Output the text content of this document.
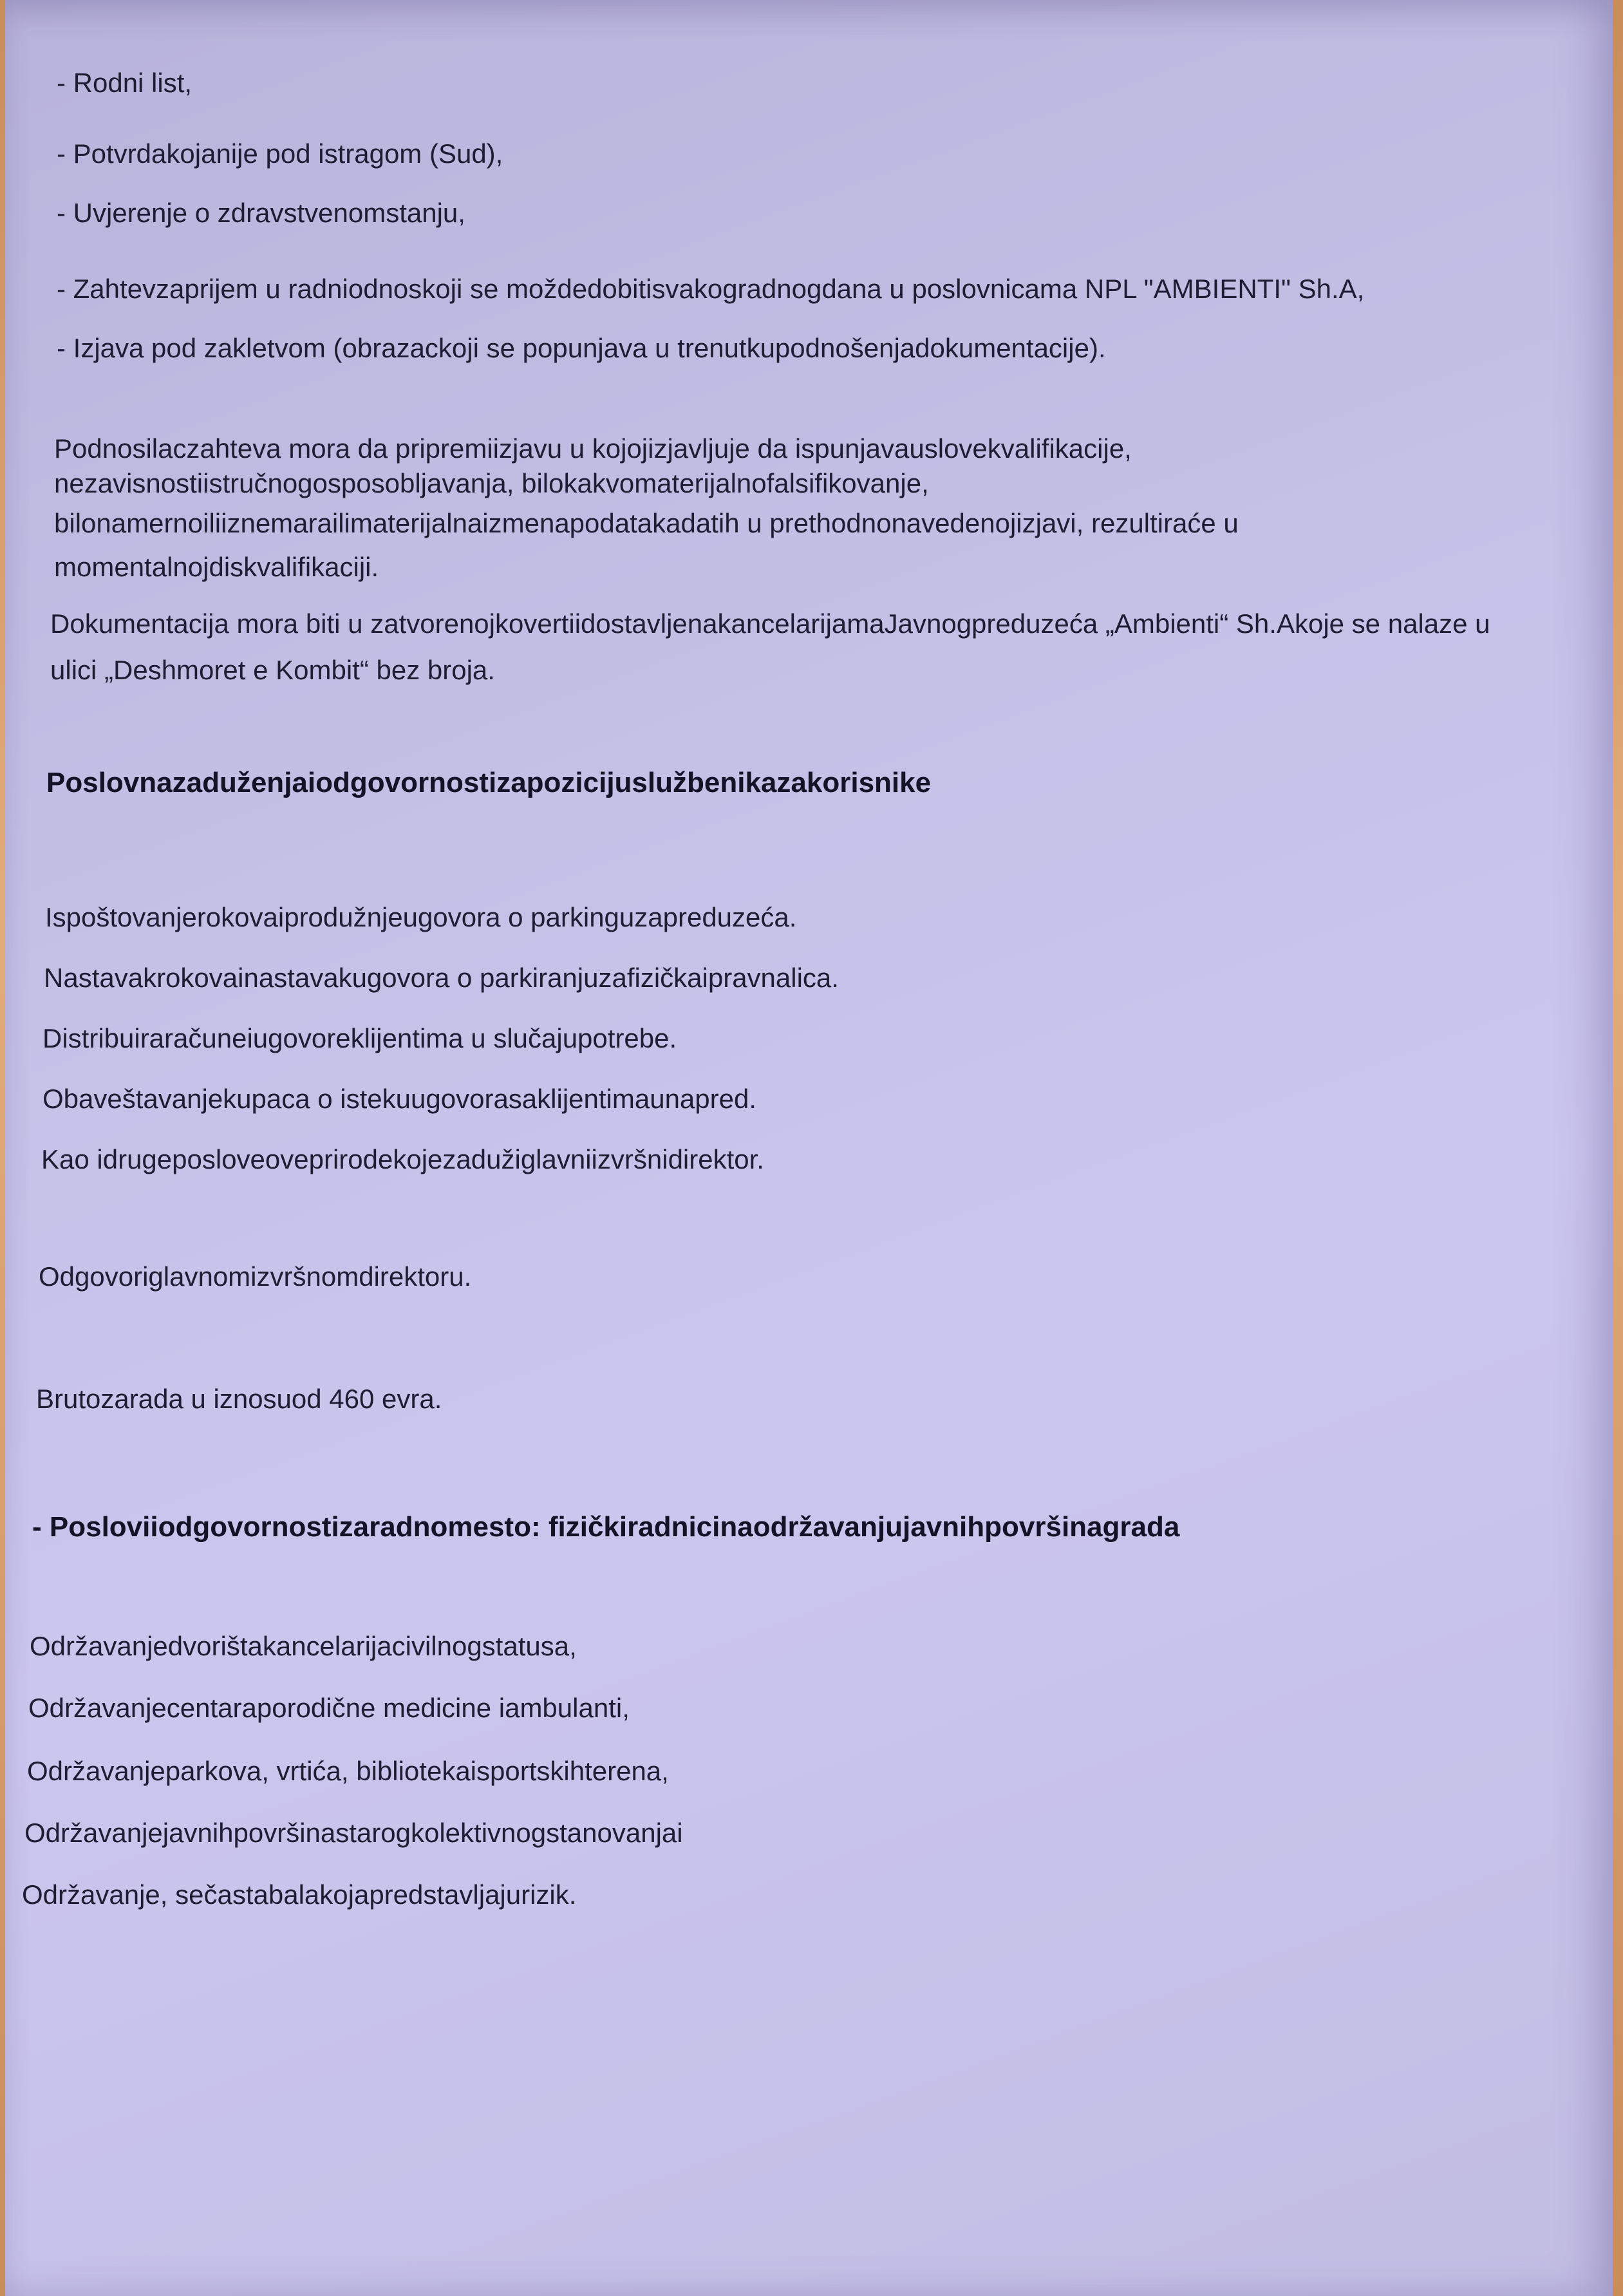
- Rodni list,
- Potvrdakojanije pod istragom (Sud),
- Uvjerenje o zdravstvenomstanju,
- Zahtevzaprijem u radniodnoskoji se moždedobitisvakogradnogdana u poslovnicama NPL "AMBIENTI" Sh.A,
- Izjava pod zakletvom (obrazackoji se popunjava u trenutkupodnošenjadokumentacije).
Podnosilaczahteva mora da pripremiizjavu u kojojizjavljuje da ispunjavauslovekvalifikacije,
nezavisnostiistručnogosposobljavanja, bilokakvomaterijalnofalsifikovanje,
bilonamernoiliiznemarailimaterijalnaizmenapodatakadatih u prethodnonavedenojizjavi, rezultiraće u
momentalnojdiskvalifikaciji.
Dokumentacija mora biti u zatvorenojkovertiidostavljenakancelarijamaJavnogpreduzeća „Ambienti“ Sh.Akoje se nalaze u
ulici „Deshmoret e Kombit“ bez broja.
Poslovnazaduženjaiodgovornostizapozicijuslužbenikazakorisnike
Ispoštovanjerokovaiprodužnjeugovora o parkinguzapreduzeća.
Nastavakrokovainastavakugovora o parkiranjuzafizičkaipravnalica.
Distribuiraračuneiugovoreklijentima u slučajupotrebe.
Obaveštavanjekupaca o istekuugovorasaklijentimaunapred.
Kao idrugeposloveoveprirodekojezadužiglavniizvršnidirektor.
Odgovoriglavnomizvršnomdirektoru.
Brutozarada u iznosuod 460 evra.
- Posloviiodgovornostizaradnomesto: fizičkiradnicinaodržavanjujavnihpovršinagrada
Održavanjedvorištakancelarijacivilnogstatusa,
Održavanjecentaraporodične medicine iambulanti,
Održavanjeparkova, vrtića, bibliotekaisportskihterena,
Održavanjejavnihpovršinastarogkolektivnogstanovanjai
Održavanje, sečastabalakojapredstavljajurizik.
